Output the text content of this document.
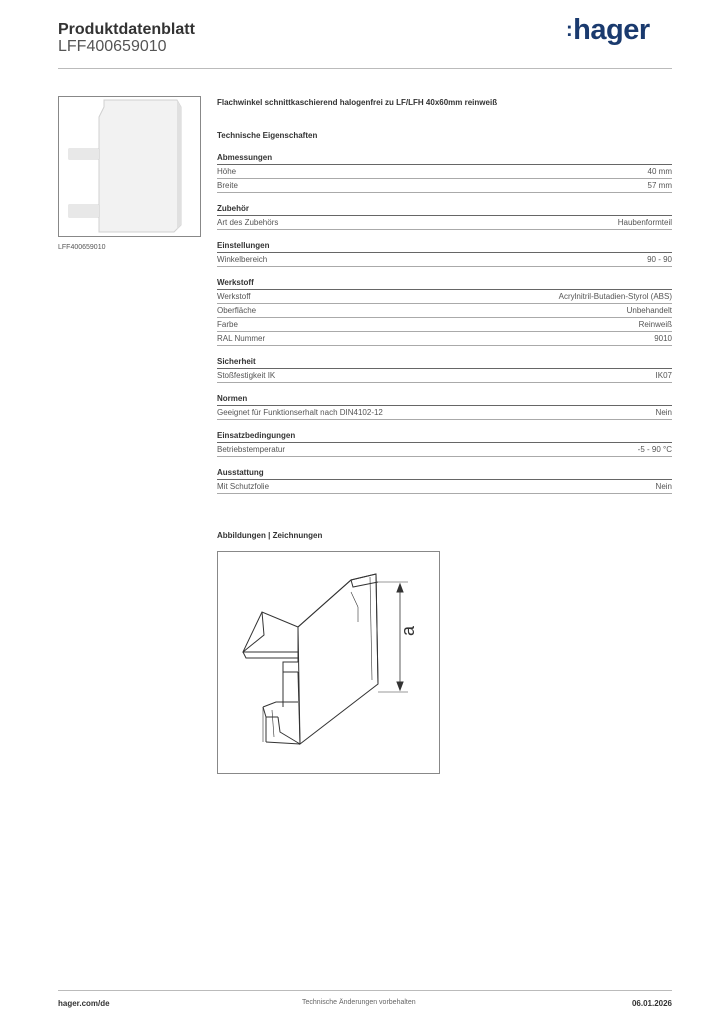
Produktdatenblatt
LFF400659010
:hager
LFF400659010
Flachwinkel schnittkaschierend halogenfrei zu LF/LFH 40x60mm reinweiß
Technische Eigenschaften
Abmessungen
Höhe	40 mm
Breite	57 mm
Zubehör
Art des Zubehörs	Haubenformteil
Einstellungen
Winkelbereich	90 - 90
Werkstoff
Werkstoff	Acrylnitril-Butadien-Styrol (ABS)
Oberfläche	Unbehandelt
Farbe	Reinweiß
RAL Nummer	9010
Sicherheit
Stoßfestigkeit IK	IK07
Normen
Geeignet für Funktionserhalt nach DIN4102-12	Nein
Einsatzbedingungen
Betriebstemperatur	-5 - 90 °C
Ausstattung
Mit Schutzfolie	Nein
Abbildungen | Zeichnungen
a
hager.com/de	Technische Änderungen vorbehalten	06.01.2026
